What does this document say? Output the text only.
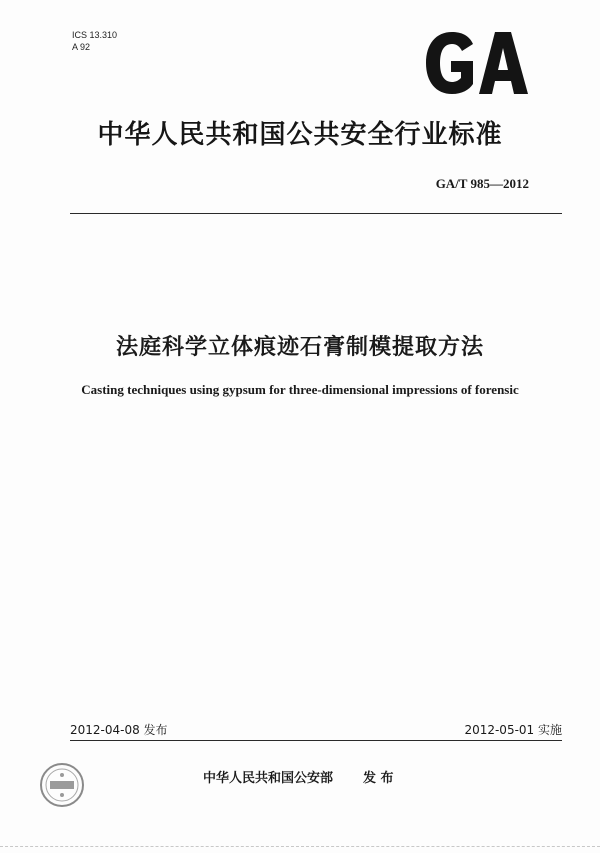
ICS 13.310
A 92
中华人民共和国公共安全行业标准
GA/T 985—2012
法庭科学立体痕迹石膏制模提取方法
Casting techniques using gypsum for three-dimensional impressions of forensic
2012-04-08 发布	2012-05-01 实施
中华人民共和国公安部 发 布
